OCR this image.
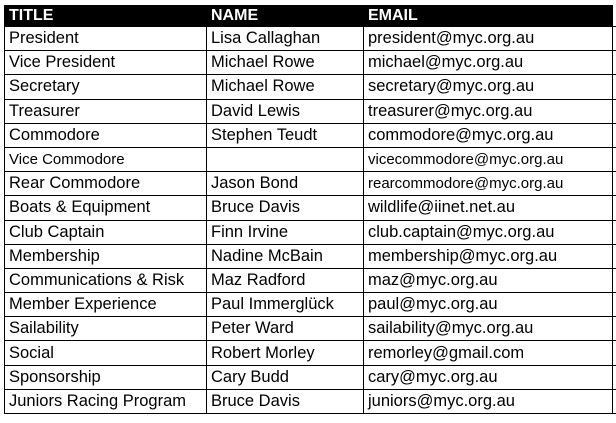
TITLE	NAME	EMAIL	
President	Lisa Callaghan	president@myc.org.au	
Vice President	Michael Rowe	michael@myc.org.au	
Secretary	Michael Rowe	secretary@myc.org.au	
Treasurer	David Lewis	treasurer@myc.org.au	
Commodore	Stephen Teudt	commodore@myc.org.au	
Vice Commodore		vicecommodore@myc.org.au	
Rear Commodore	Jason Bond	rearcommodore@myc.org.au	
Boats & Equipment	Bruce Davis	wildlife@iinet.net.au	
Club Captain	Finn Irvine	club.captain@myc.org.au	
Membership	Nadine McBain	membership@myc.org.au	
Communications & Risk	Maz Radford	maz@myc.org.au	
Member Experience	Paul Immerglück	paul@myc.org.au	
Sailability	Peter Ward	sailability@myc.org.au	
Social	Robert Morley	remorley@gmail.com	
Sponsorship	Cary Budd	cary@myc.org.au	
Juniors Racing Program	Bruce Davis	juniors@myc.org.au	
